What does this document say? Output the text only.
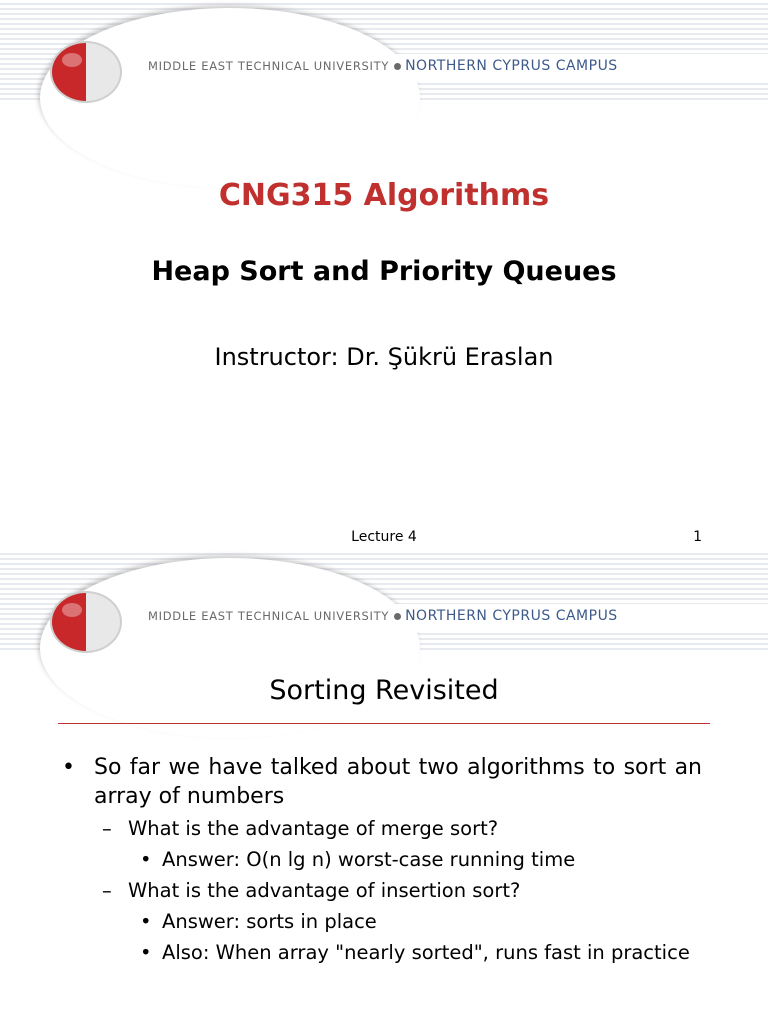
MIDDLE EAST TECHNICAL UNIVERSITY NORTHERN CYPRUS CAMPUS
CNG315 Algorithms
Heap Sort and Priority Queues
Instructor: Dr. Şükrü Eraslan
Lecture 4	1
MIDDLE EAST TECHNICAL UNIVERSITY NORTHERN CYPRUS CAMPUS
Sorting Revisited
• So far we have talked about two algorithms to sort an array of numbers
– What is the advantage of merge sort?
• Answer: O(n lg n) worst-case running time
– What is the advantage of insertion sort?
• Answer: sorts in place
• Also: When array "nearly sorted", runs fast in practice
